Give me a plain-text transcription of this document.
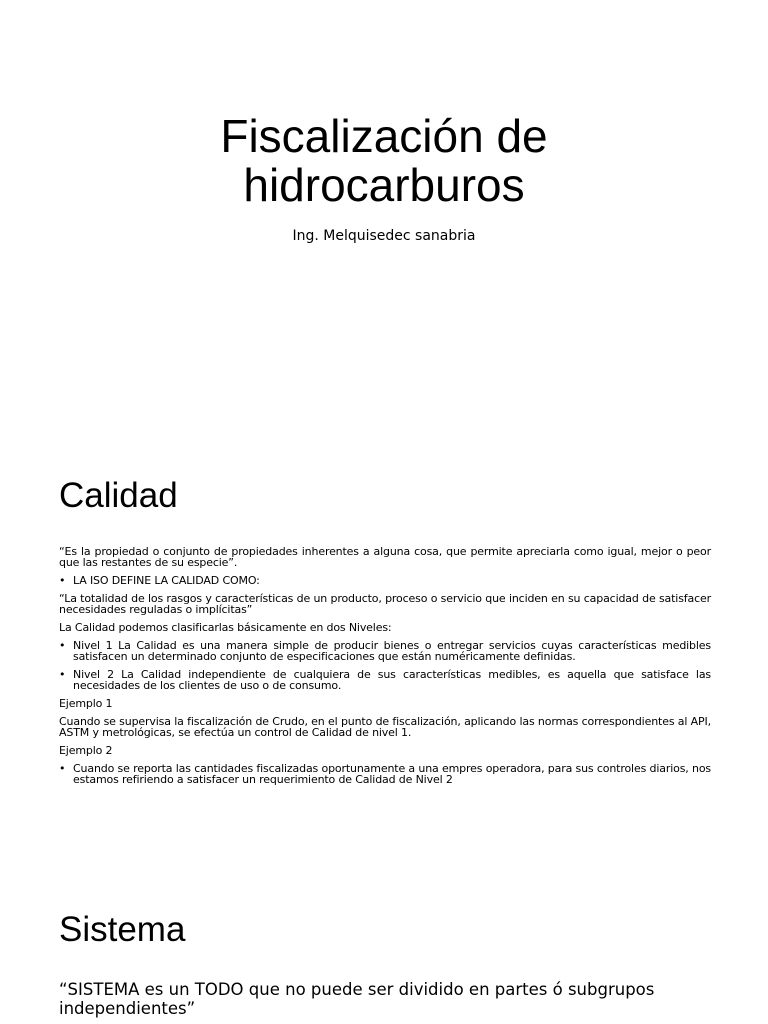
Fiscalización de
hidrocarburos

Ing. Melquisedec sanabria

Calidad

“Es la propiedad o conjunto de propiedades inherentes a alguna cosa, que permite apreciarla como igual, mejor o peor que las restantes de su especie”.

• LA ISO DEFINE LA CALIDAD COMO:

“La totalidad de los rasgos y características de un producto, proceso o servicio que inciden en su capacidad de satisfacer necesidades reguladas o implícitas”

La Calidad podemos clasificarlas básicamente en dos Niveles:

• Nivel 1 La Calidad es una manera simple de producir bienes o entregar servicios cuyas características medibles satisfacen un determinado conjunto de especificaciones que están numéricamente definidas.
• Nivel 2 La Calidad independiente de cualquiera de sus características medibles, es aquella que satisface las necesidades de los clientes de uso o de consumo.

Ejemplo 1

Cuando se supervisa la fiscalización de Crudo, en el punto de fiscalización, aplicando las normas correspondientes al API, ASTM y metrológicas, se efectúa un control de Calidad de nivel 1.

Ejemplo 2

• Cuando se reporta las cantidades fiscalizadas oportunamente a una empres operadora, para sus controles diarios, nos estamos refiriendo a satisfacer un requerimiento de Calidad de Nivel 2
Sistema

“SISTEMA es un TODO que no puede ser dividido en partes ó subgrupos independientes”
